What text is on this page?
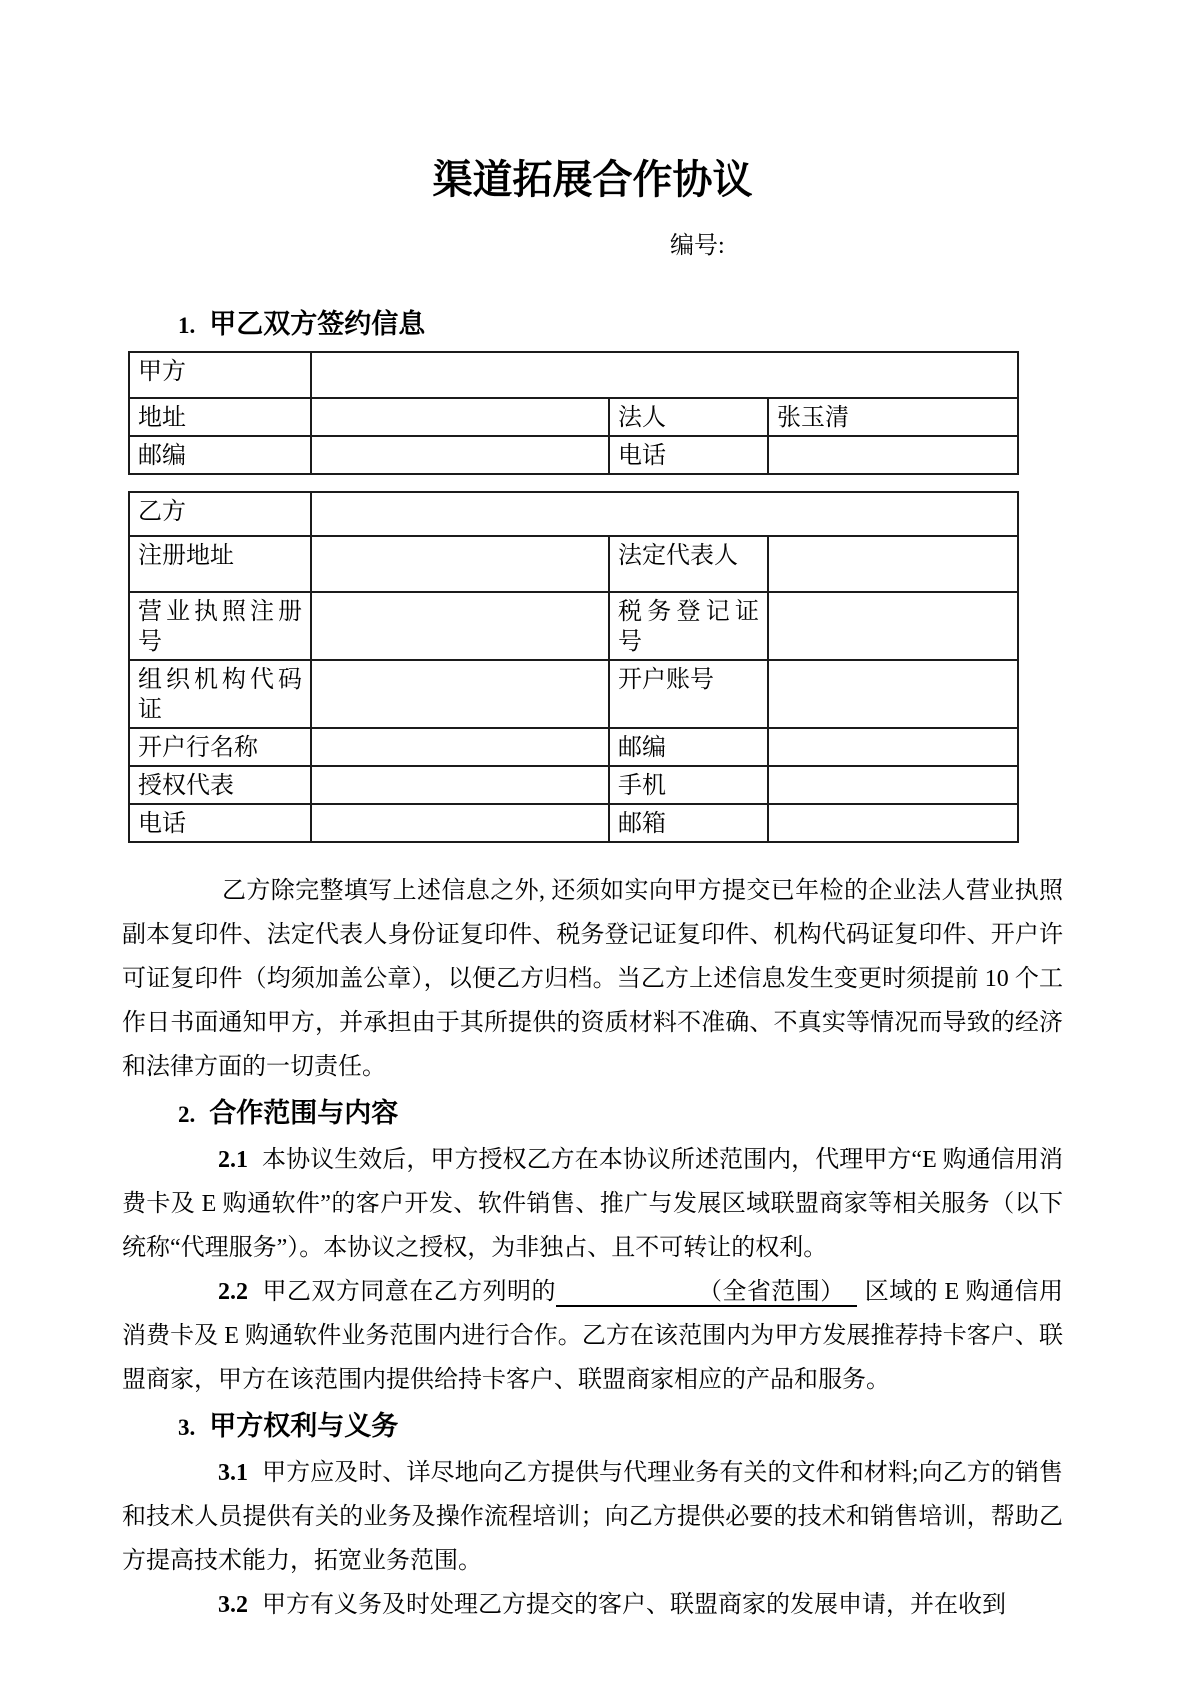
渠道拓展合作协议
编号:
1. 甲乙双方签约信息
甲方			
地址		法人	张玉清
邮编		电话	
乙方			
注册地址		法定代表人	
营业执照注册号		税务登记证号	
组织机构代码证		开户账号	
开户行名称		邮编	
授权代表		手机	
电话		邮箱	

乙方除完整填写上述信息之外, 还须如实向甲方提交已年检的企业法人营业执照副本复印件、法定代表人身份证复印件、税务登记证复印件、机构代码证复印件、开户许可证复印件（均须加盖公章），以便乙方归档。当乙方上述信息发生变更时须提前 10 个工作日书面通知甲方，并承担由于其所提供的资质材料不准确、不真实等情况而导致的经济和法律方面的一切责任。

2. 合作范围与内容

2.1 本协议生效后，甲方授权乙方在本协议所述范围内，代理甲方“E 购通信用消费卡及 E 购通软件”的客户开发、软件销售、推广与发展区域联盟商家等相关服务（以下统称“代理服务”）。本协议之授权，为非独占、且不可转让的权利。

2.2 甲乙双方同意在乙方列明的	（全省范围） 区域的 E 购通信用消费卡及 E 购通软件业务范围内进行合作。乙方在该范围内为甲方发展推荐持卡客户、联盟商家，甲方在该范围内提供给持卡客户、联盟商家相应的产品和服务。

3. 甲方权利与义务

3.1 甲方应及时、详尽地向乙方提供与代理业务有关的文件和材料;向乙方的销售和技术人员提供有关的业务及操作流程培训；向乙方提供必要的技术和销售培训，帮助乙方提高技术能力，拓宽业务范围。

3.2 甲方有义务及时处理乙方提交的客户、联盟商家的发展申请，并在收到
